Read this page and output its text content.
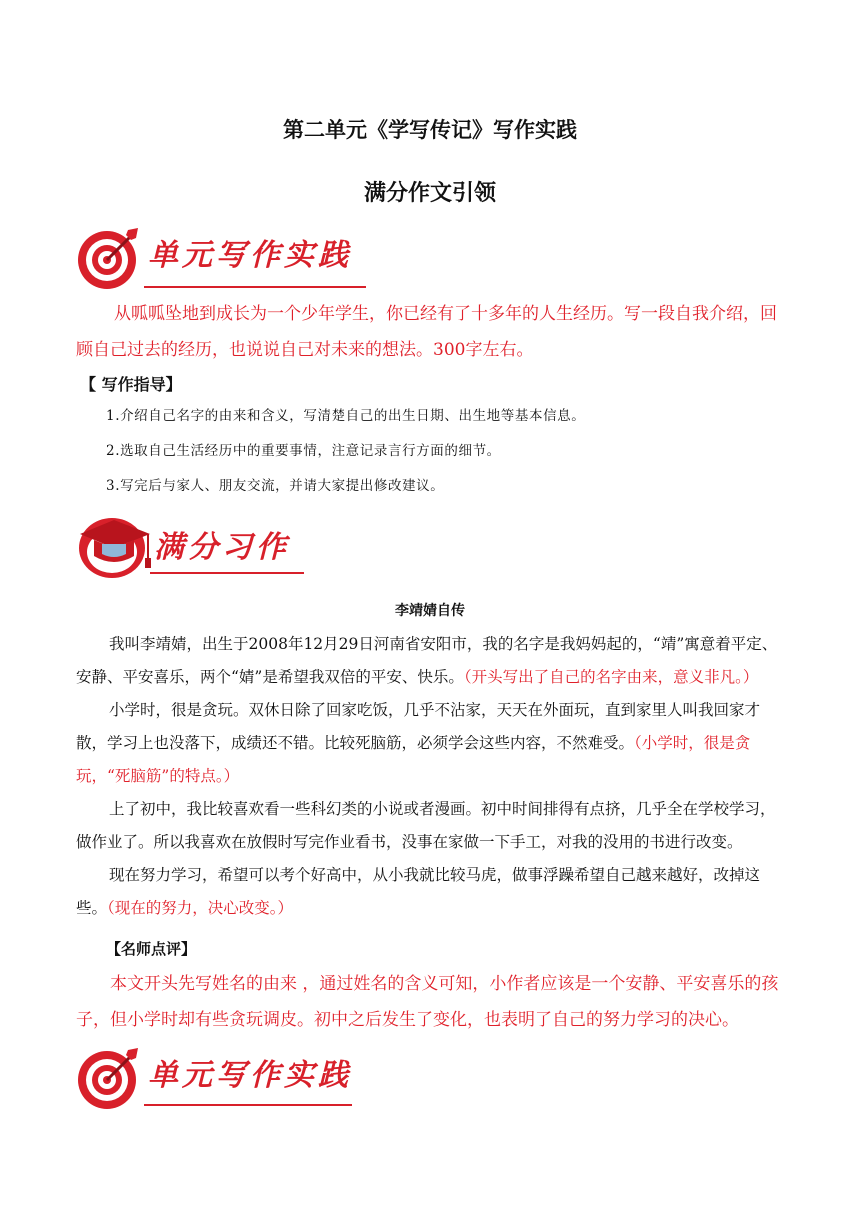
第二单元《学写传记》写作实践
满分作文引领
单元写作实践
从呱呱坠地到成长为一个少年学生，你已经有了十多年的人生经历。写一段自我介绍，回顾自己过去的经历，也说说自己对未来的想法。300字左右。
【 写作指导】
1.介绍自己名字的由来和含义，写清楚自己的出生日期、出生地等基本信息。
2.选取自己生活经历中的重要事情，注意记录言行方面的细节。
3.写完后与家人、朋友交流，并请大家提出修改建议。
满分习作
李靖婧自传

我叫李靖婧，出生于2008年12月29日河南省安阳市，我的名字是我妈妈起的，“靖”寓意着平定、安静、平安喜乐，两个“婧”是希望我双倍的平安、快乐。（开头写出了自己的名字由来，意义非凡。）

小学时，很是贪玩。双休日除了回家吃饭，几乎不沾家，天天在外面玩，直到家里人叫我回家才散，学习上也没落下，成绩还不错。比较死脑筋，必须学会这些内容，不然难受。（小学时，很是贪玩，“死脑筋”的特点。）

上了初中，我比较喜欢看一些科幻类的小说或者漫画。初中时间排得有点挤，几乎全在学校学习，做作业了。所以我喜欢在放假时写完作业看书，没事在家做一下手工，对我的没用的书进行改变。

现在努力学习，希望可以考个好高中，从小我就比较马虎，做事浮躁希望自己越来越好，改掉这些。（现在的努力，决心改变。）

【名师点评】
本文开头先写姓名的由来 ，通过姓名的含义可知，小作者应该是一个安静、平安喜乐的孩子，但小学时却有些贪玩调皮。初中之后发生了变化，也表明了自己的努力学习的决心。
单元写作实践
